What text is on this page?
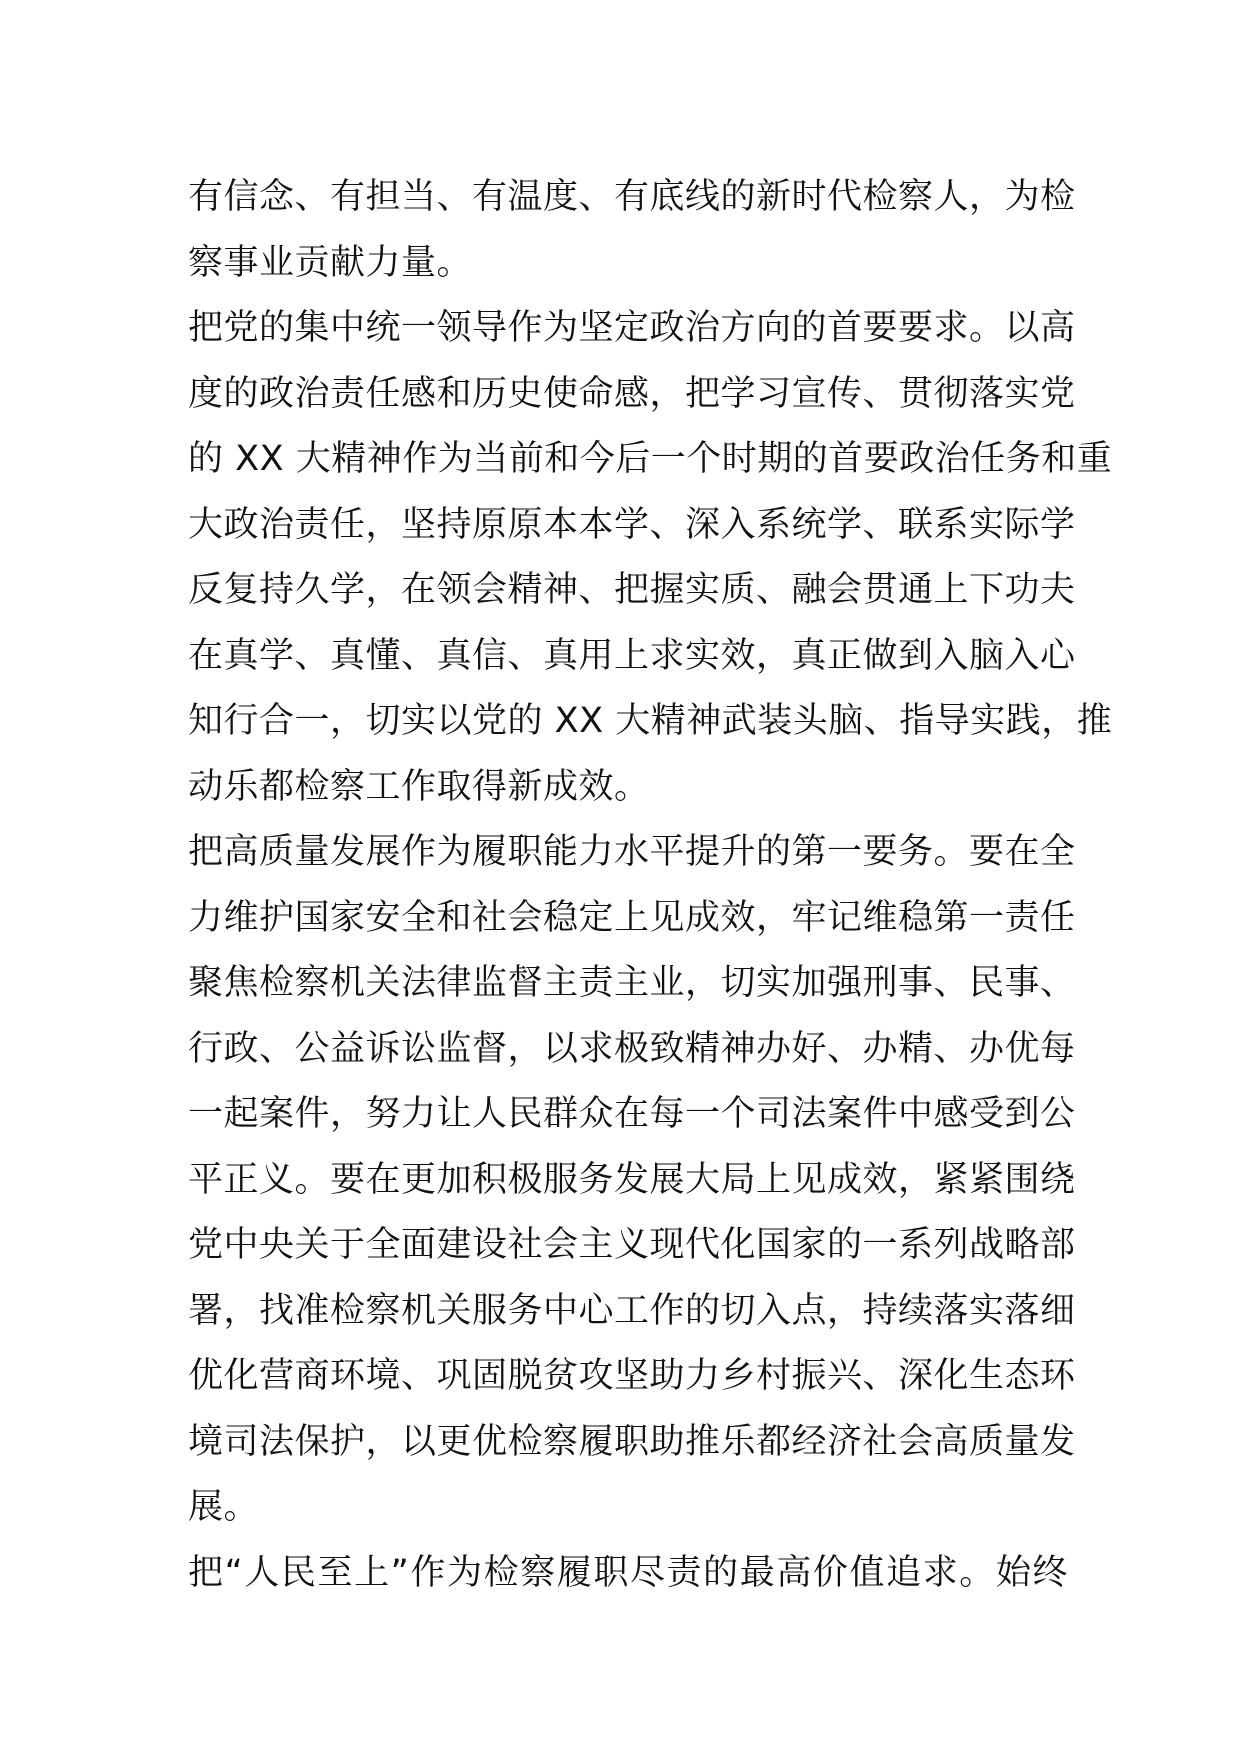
有信念、有担当、有温度、有底线的新时代检察人，为检
察事业贡献力量。

把党的集中统一领导作为坚定政治方向的首要要求。以高
度的政治责任感和历史使命感，把学习宣传、贯彻落实党
的 XX 大精神作为当前和今后一个时期的首要政治任务和重
大政治责任，坚持原原本本学、深入系统学、联系实际学
反复持久学，在领会精神、把握实质、融会贯通上下功夫
在真学、真懂、真信、真用上求实效，真正做到入脑入心
知行合一，切实以党的 XX 大精神武装头脑、指导实践，推
动乐都检察工作取得新成效。

把高质量发展作为履职能力水平提升的第一要务。要在全
力维护国家安全和社会稳定上见成效，牢记维稳第一责任
聚焦检察机关法律监督主责主业，切实加强刑事、民事、
行政、公益诉讼监督，以求极致精神办好、办精、办优每
一起案件，努力让人民群众在每一个司法案件中感受到公
平正义。要在更加积极服务发展大局上见成效，紧紧围绕
党中央关于全面建设社会主义现代化国家的一系列战略部
署，找准检察机关服务中心工作的切入点，持续落实落细
优化营商环境、巩固脱贫攻坚助力乡村振兴、深化生态环
境司法保护，以更优检察履职助推乐都经济社会高质量发
展。

把“人民至上”作为检察履职尽责的最高价值追求。始终
